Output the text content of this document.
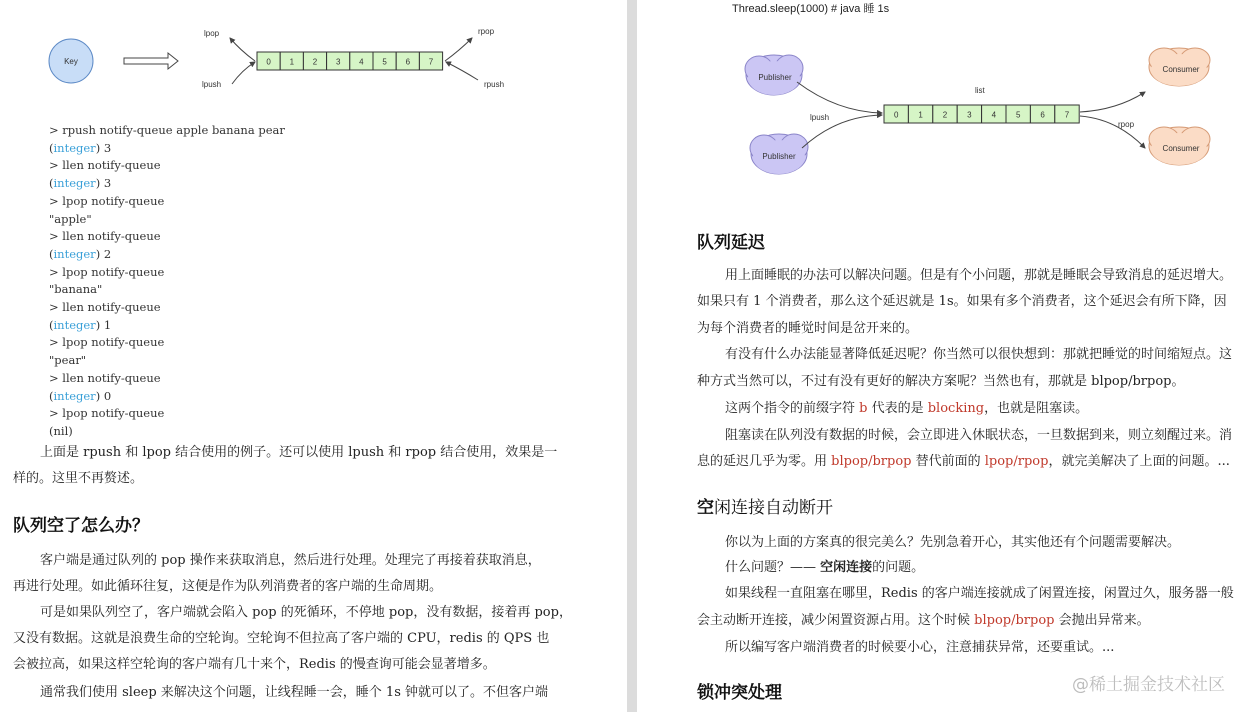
Key	0 1 2 3 4 5 6 7
lpop
lpush
rpop
rpush
> rpush notify-queue apple banana pear
(integer) 3
> llen notify-queue
(integer) 3
> lpop notify-queue
"apple"
> llen notify-queue
(integer) 2
> lpop notify-queue
"banana"
> llen notify-queue
(integer) 1
> lpop notify-queue
"pear"
> llen notify-queue
(integer) 0
> lpop notify-queue
(nil)
上面是 rpush 和 lpop 结合使用的例子。还可以使用 lpush 和 rpop 结合使用，效果是一
样的。这里不再赘述。
队列空了怎么办？
客户端是通过队列的 pop 操作来获取消息，然后进行处理。处理完了再接着获取消息，
再进行处理。如此循环往复，这便是作为队列消费者的客户端的生命周期。
可是如果队列空了，客户端就会陷入 pop 的死循环，不停地 pop，没有数据，接着再 pop，
又没有数据。这就是浪费生命的空轮询。空轮询不但拉高了客户端的 CPU，redis 的 QPS 也
会被拉高，如果这样空轮询的客户端有几十来个，Redis 的慢查询可能会显著增多。
通常我们使用 sleep 来解决这个问题，让线程睡一会，睡个 1s 钟就可以了。不但客户端
Thread.sleep(1000) # java 睡 1s
Publisher
Publisher
Consumer
Consumer
0 1 2 3 4 5 6 7
list
lpush
rpop
队列延迟
用上面睡眠的办法可以解决问题。但是有个小问题，那就是睡眠会导致消息的延迟增大。
如果只有 1 个消费者，那么这个延迟就是 1s。如果有多个消费者，这个延迟会有所下降，因
为每个消费者的睡觉时间是岔开来的。
有没有什么办法能显著降低延迟呢？你当然可以很快想到：那就把睡觉的时间缩短点。这
种方式当然可以，不过有没有更好的解决方案呢？当然也有，那就是 blpop/brpop。
这两个指令的前缀字符 b 代表的是 blocking，也就是阻塞读。
阻塞读在队列没有数据的时候，会立即进入休眠状态，一旦数据到来，则立刻醒过来。消
息的延迟几乎为零。用 blpop/brpop 替代前面的 lpop/rpop，就完美解决了上面的问题。...
空闲连接自动断开
你以为上面的方案真的很完美么？先别急着开心，其实他还有个问题需要解决。
什么问题？—— 空闲连接的问题。
如果线程一直阻塞在哪里，Redis 的客户端连接就成了闲置连接，闲置过久，服务器一般
会主动断开连接，减少闲置资源占用。这个时候 blpop/brpop 会抛出异常来。
所以编写客户端消费者的时候要小心，注意捕获异常，还要重试。...
锁冲突处理	@稀土掘金技术社区
